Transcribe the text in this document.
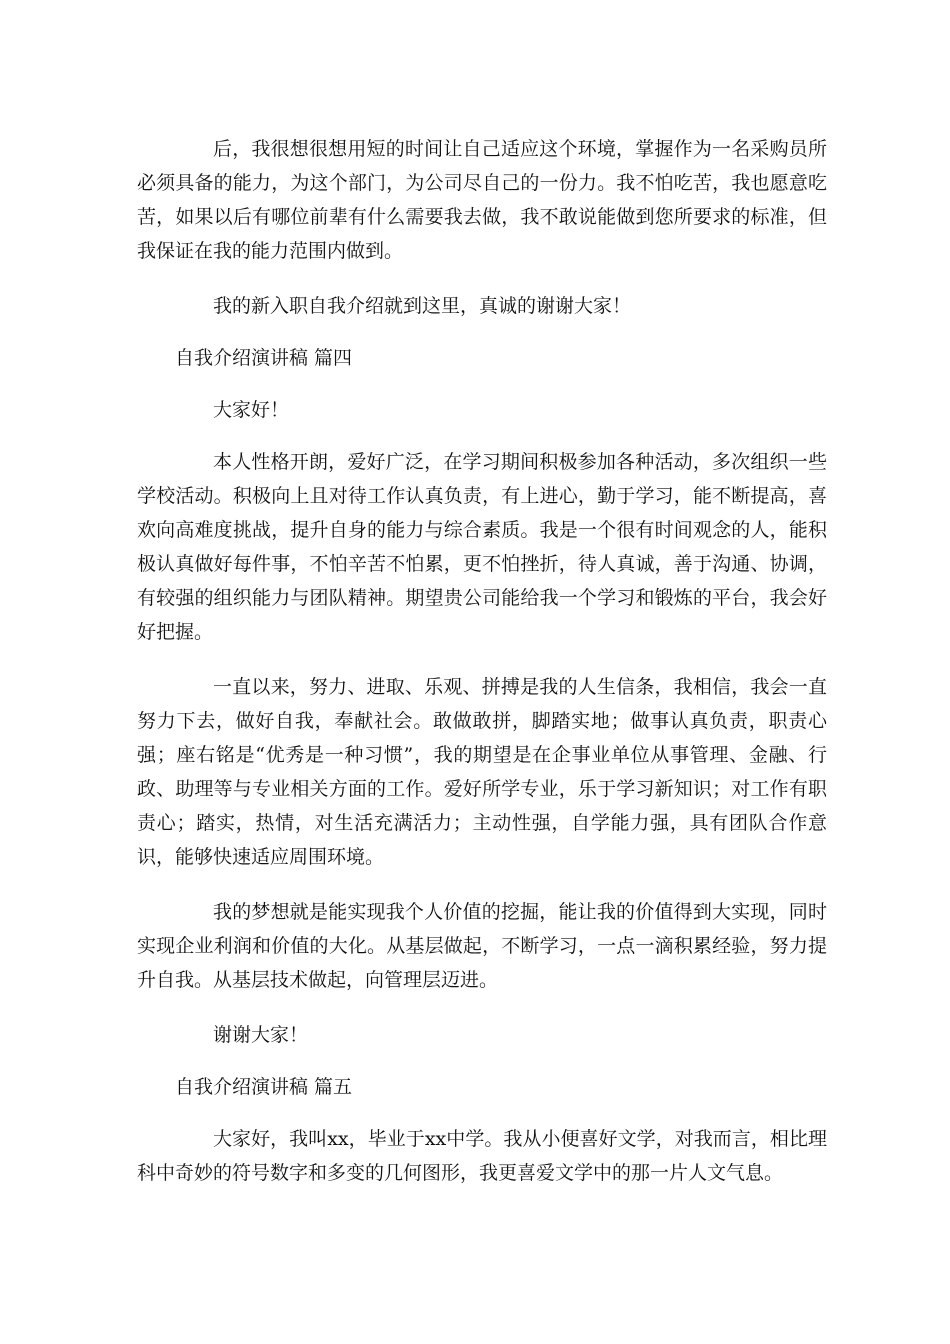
后，我很想很想用短的时间让自己适应这个环境，掌握作为一名采购员所必须具备的能力，为这个部门，为公司尽自己的一份力。我不怕吃苦，我也愿意吃苦，如果以后有哪位前辈有什么需要我去做，我不敢说能做到您所要求的标准，但我保证在我的能力范围内做到。

我的新入职自我介绍就到这里，真诚的谢谢大家！

自我介绍演讲稿 篇四

大家好！

本人性格开朗，爱好广泛，在学习期间积极参加各种活动，多次组织一些学校活动。积极向上且对待工作认真负责，有上进心，勤于学习，能不断提高，喜欢向高难度挑战，提升自身的能力与综合素质。我是一个很有时间观念的人，能积极认真做好每件事，不怕辛苦不怕累，更不怕挫折，待人真诚，善于沟通、协调，有较强的组织能力与团队精神。期望贵公司能给我一个学习和锻炼的平台，我会好好把握。

一直以来，努力、进取、乐观、拼搏是我的人生信条，我相信，我会一直努力下去，做好自我，奉献社会。敢做敢拼，脚踏实地；做事认真负责，职责心强；座右铭是“优秀是一种习惯”，我的期望是在企事业单位从事管理、金融、行政、助理等与专业相关方面的工作。爱好所学专业，乐于学习新知识；对工作有职责心；踏实，热情，对生活充满活力；主动性强，自学能力强，具有团队合作意识，能够快速适应周围环境。

我的梦想就是能实现我个人价值的挖掘，能让我的价值得到大实现，同时实现企业利润和价值的大化。从基层做起，不断学习，一点一滴积累经验，努力提升自我。从基层技术做起，向管理层迈进。

谢谢大家！

自我介绍演讲稿 篇五

大家好，我叫xx，毕业于xx中学。我从小便喜好文学，对我而言，相比理科中奇妙的符号数字和多变的几何图形，我更喜爱文学中的那一片人文气息。
